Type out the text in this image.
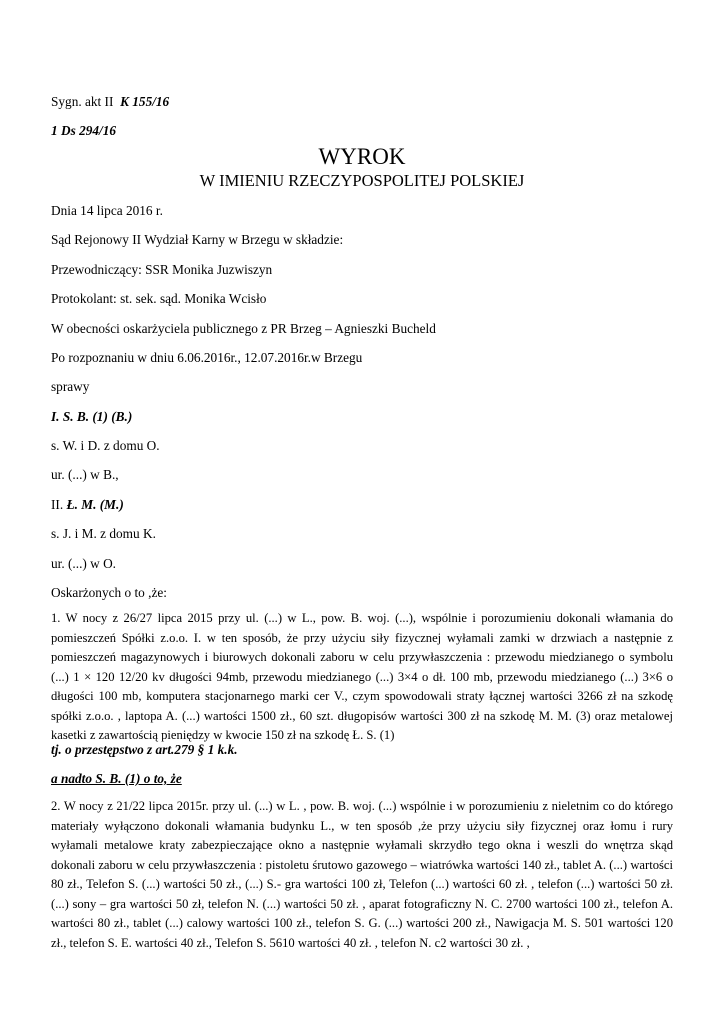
Sygn. akt II K 155/16
1 Ds 294/16
WYROK
W IMIENIU RZECZYPOSPOLITEJ POLSKIEJ
Dnia 14 lipca 2016 r.
Sąd Rejonowy II Wydział Karny w Brzegu w składzie:
Przewodniczący: SSR Monika Juzwiszyn
Protokolant: st. sek. sąd. Monika Wcisło
W obecności oskarżyciela publicznego z PR Brzeg – Agnieszki Bucheld
Po rozpoznaniu w dniu 6.06.2016r., 12.07.2016r.w Brzegu
sprawy
I. S. B. (1) (B.)
s. W. i D. z domu O.
ur. (...) w B.,
II. Ł. M. (M.)
s. J. i M. z domu K.
ur. (...) w O.
Oskarżonych o to ,że:
1. W nocy z 26/27 lipca 2015 przy ul. (...) w L., pow. B. woj. (...), wspólnie i porozumieniu dokonali włamania do pomieszczeń Spółki z.o.o. I. w ten sposób, że przy użyciu siły fizycznej wyłamali zamki w drzwiach a następnie z pomieszczeń magazynowych i biurowych dokonali zaboru w celu przywłaszczenia : przewodu miedzianego o symbolu (...) 1 × 120 12/20 kv długości 94mb, przewodu miedzianego (...) 3×4 o dł. 100 mb, przewodu miedzianego (...) 3×6 o długości 100 mb, komputera stacjonarnego marki cer V., czym spowodowali straty łącznej wartości 3266 zł na szkodę spółki z.o.o. , laptopa A. (...) wartości 1500 zł., 60 szt. długopisów wartości 300 zł na szkodę M. M. (3) oraz metalowej kasetki z zawartością pieniędzy w kwocie 150 zł na szkodę Ł. S. (1)
tj. o przestępstwo z art.279 § 1 k.k.
a nadto S. B. (1) o to, że
2. W nocy z 21/22 lipca 2015r. przy ul. (...) w L. , pow. B. woj. (...) wspólnie i w porozumieniu z nieletnim co do którego materiały wyłączono dokonali włamania budynku L., w ten sposób ,że przy użyciu siły fizycznej oraz łomu i rury wyłamali metalowe kraty zabezpieczające okno a następnie wyłamali skrzydło tego okna i weszli do wnętrza skąd dokonali zaboru w celu przywłaszczenia : pistoletu śrutowo gazowego – wiatrówka wartości 140 zł., tablet A. (...) wartości 80 zł., Telefon S. (...) wartości 50 zł., (...) S.- gra wartości 100 zł, Telefon (...) wartości 60 zł. , telefon (...) wartości 50 zł. (...) sony – gra wartości 50 zł, telefon N. (...) wartości 50 zł. , aparat fotograficzny N. C. 2700 wartości 100 zł., telefon A. wartości 80 zł., tablet (...) calowy wartości 100 zł., telefon S. G. (...) wartości 200 zł., Nawigacja M. S. 501 wartości 120 zł., telefon S. E. wartości 40 zł., Telefon S. 5610 wartości 40 zł. , telefon N. c2 wartości 30 zł. ,
